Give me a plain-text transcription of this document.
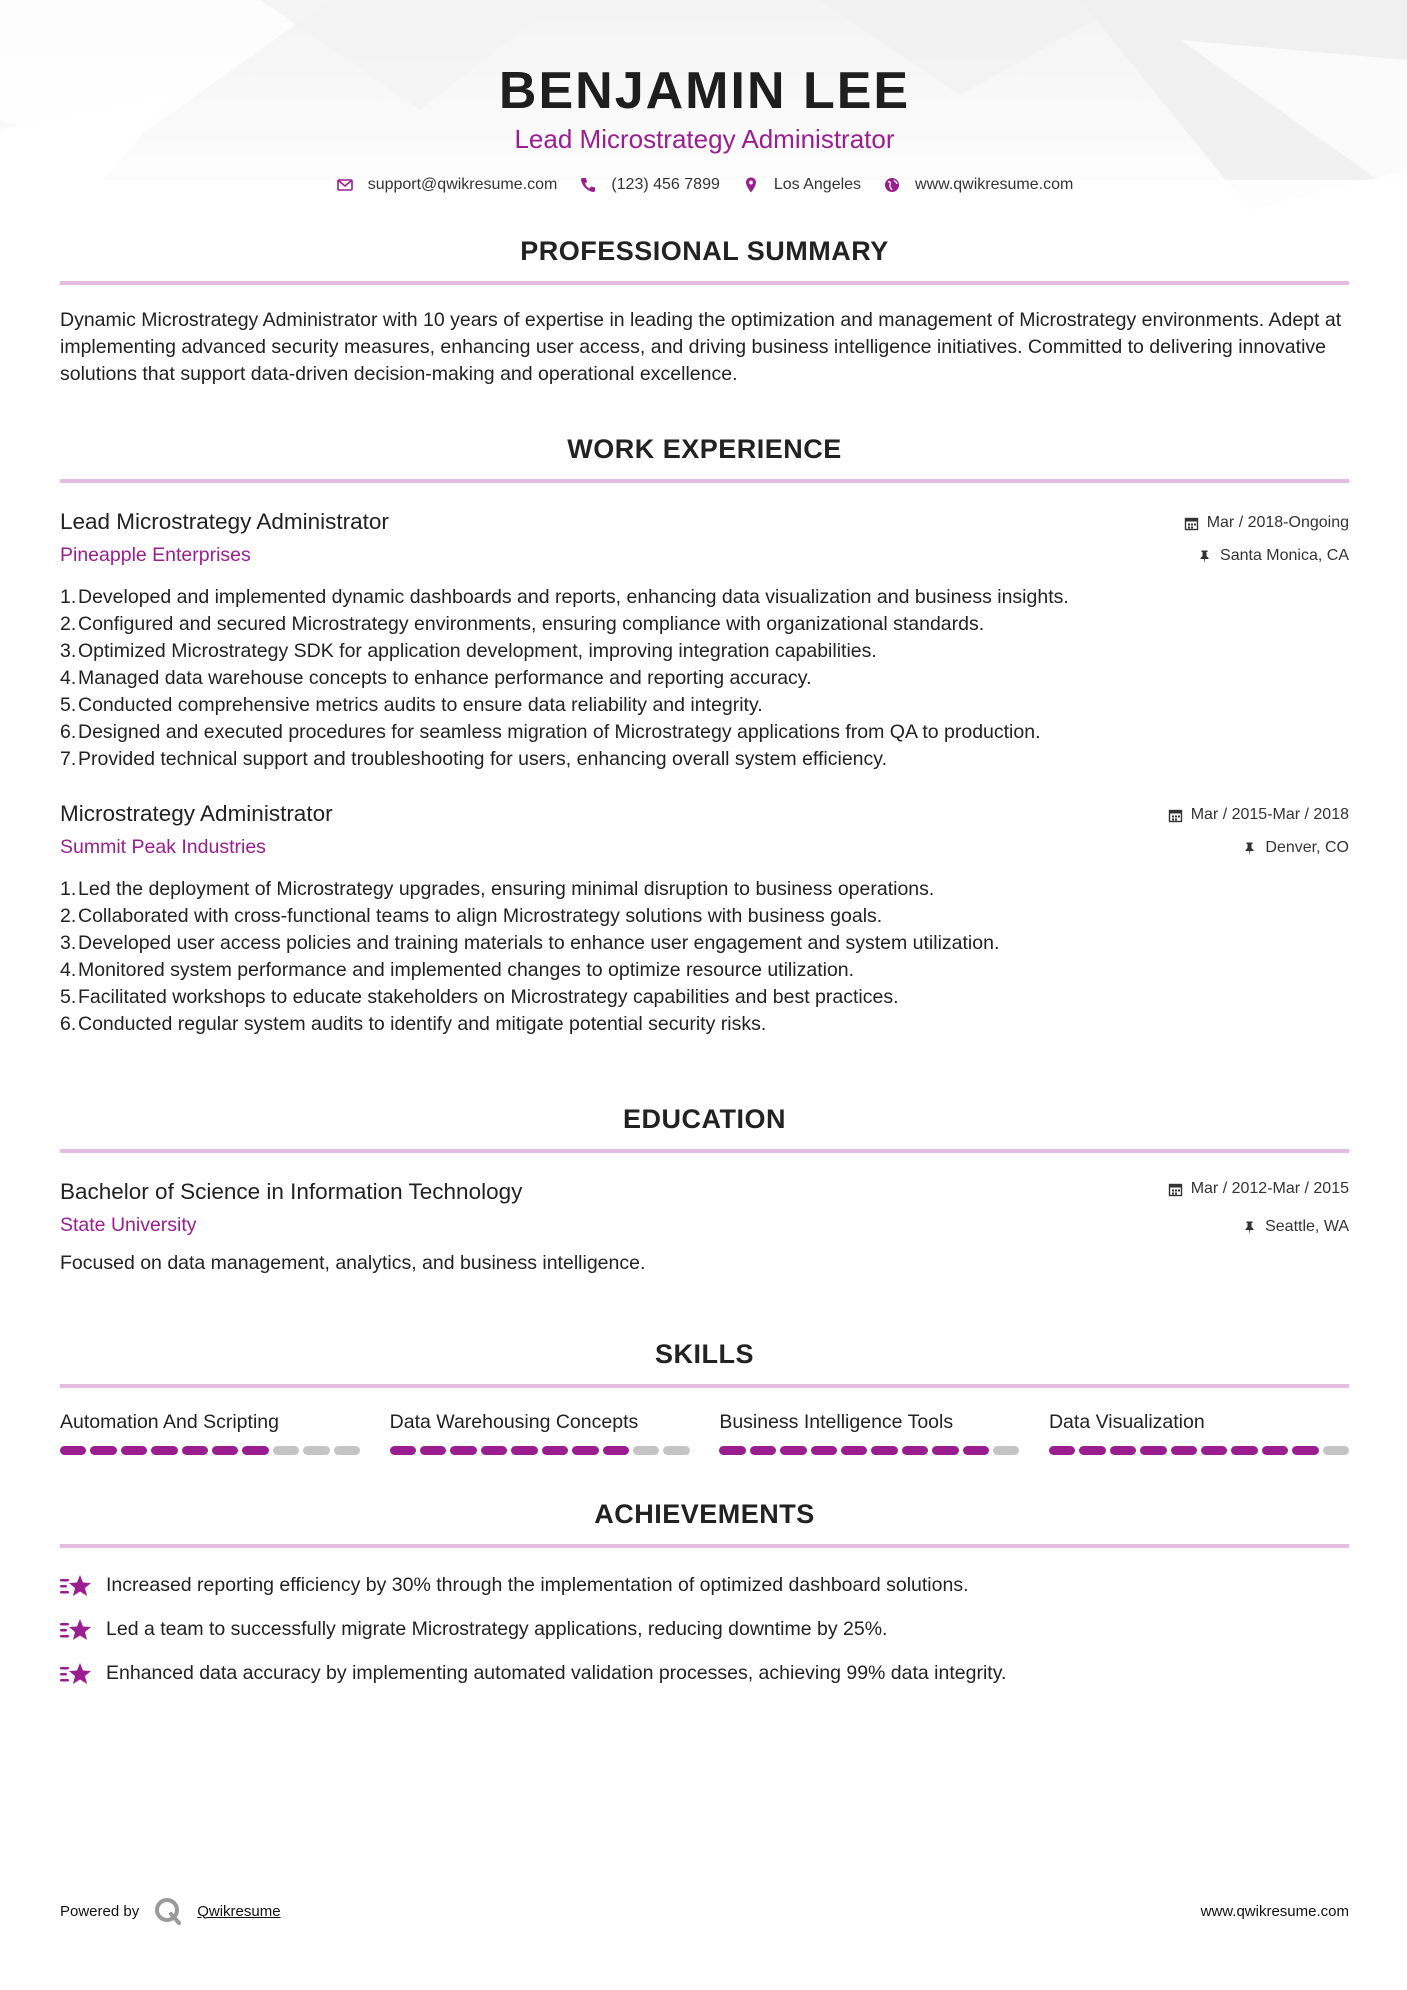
BENJAMIN LEE
Lead Microstrategy Administrator
support@qwikresume.com	(123) 456 7899	Los Angeles	www.qwikresume.com
PROFESSIONAL SUMMARY
Dynamic Microstrategy Administrator with 10 years of expertise in leading the optimization and management of Microstrategy environments. Adept at implementing advanced security measures, enhancing user access, and driving business intelligence initiatives. Committed to delivering innovative solutions that support data-driven decision-making and operational excellence.
WORK EXPERIENCE
Lead Microstrategy Administrator
Pineapple Enterprises
Mar / 2018-Ongoing
Santa Monica, CA
1. Developed and implemented dynamic dashboards and reports, enhancing data visualization and business insights.
2. Configured and secured Microstrategy environments, ensuring compliance with organizational standards.
3. Optimized Microstrategy SDK for application development, improving integration capabilities.
4. Managed data warehouse concepts to enhance performance and reporting accuracy.
5. Conducted comprehensive metrics audits to ensure data reliability and integrity.
6. Designed and executed procedures for seamless migration of Microstrategy applications from QA to production.
7. Provided technical support and troubleshooting for users, enhancing overall system efficiency.
Microstrategy Administrator
Summit Peak Industries
Mar / 2015-Mar / 2018
Denver, CO
1. Led the deployment of Microstrategy upgrades, ensuring minimal disruption to business operations.
2. Collaborated with cross-functional teams to align Microstrategy solutions with business goals.
3. Developed user access policies and training materials to enhance user engagement and system utilization.
4. Monitored system performance and implemented changes to optimize resource utilization.
5. Facilitated workshops to educate stakeholders on Microstrategy capabilities and best practices.
6. Conducted regular system audits to identify and mitigate potential security risks.
EDUCATION
Bachelor of Science in Information Technology
State University
Mar / 2012-Mar / 2015
Seattle, WA
Focused on data management, analytics, and business intelligence.
SKILLS
Automation And Scripting	Data Warehousing Concepts	Business Intelligence Tools	Data Visualization
ACHIEVEMENTS
Increased reporting efficiency by 30% through the implementation of optimized dashboard solutions.
Led a team to successfully migrate Microstrategy applications, reducing downtime by 25%.
Enhanced data accuracy by implementing automated validation processes, achieving 99% data integrity.
Powered by	Qwikresume	www.qwikresume.com
